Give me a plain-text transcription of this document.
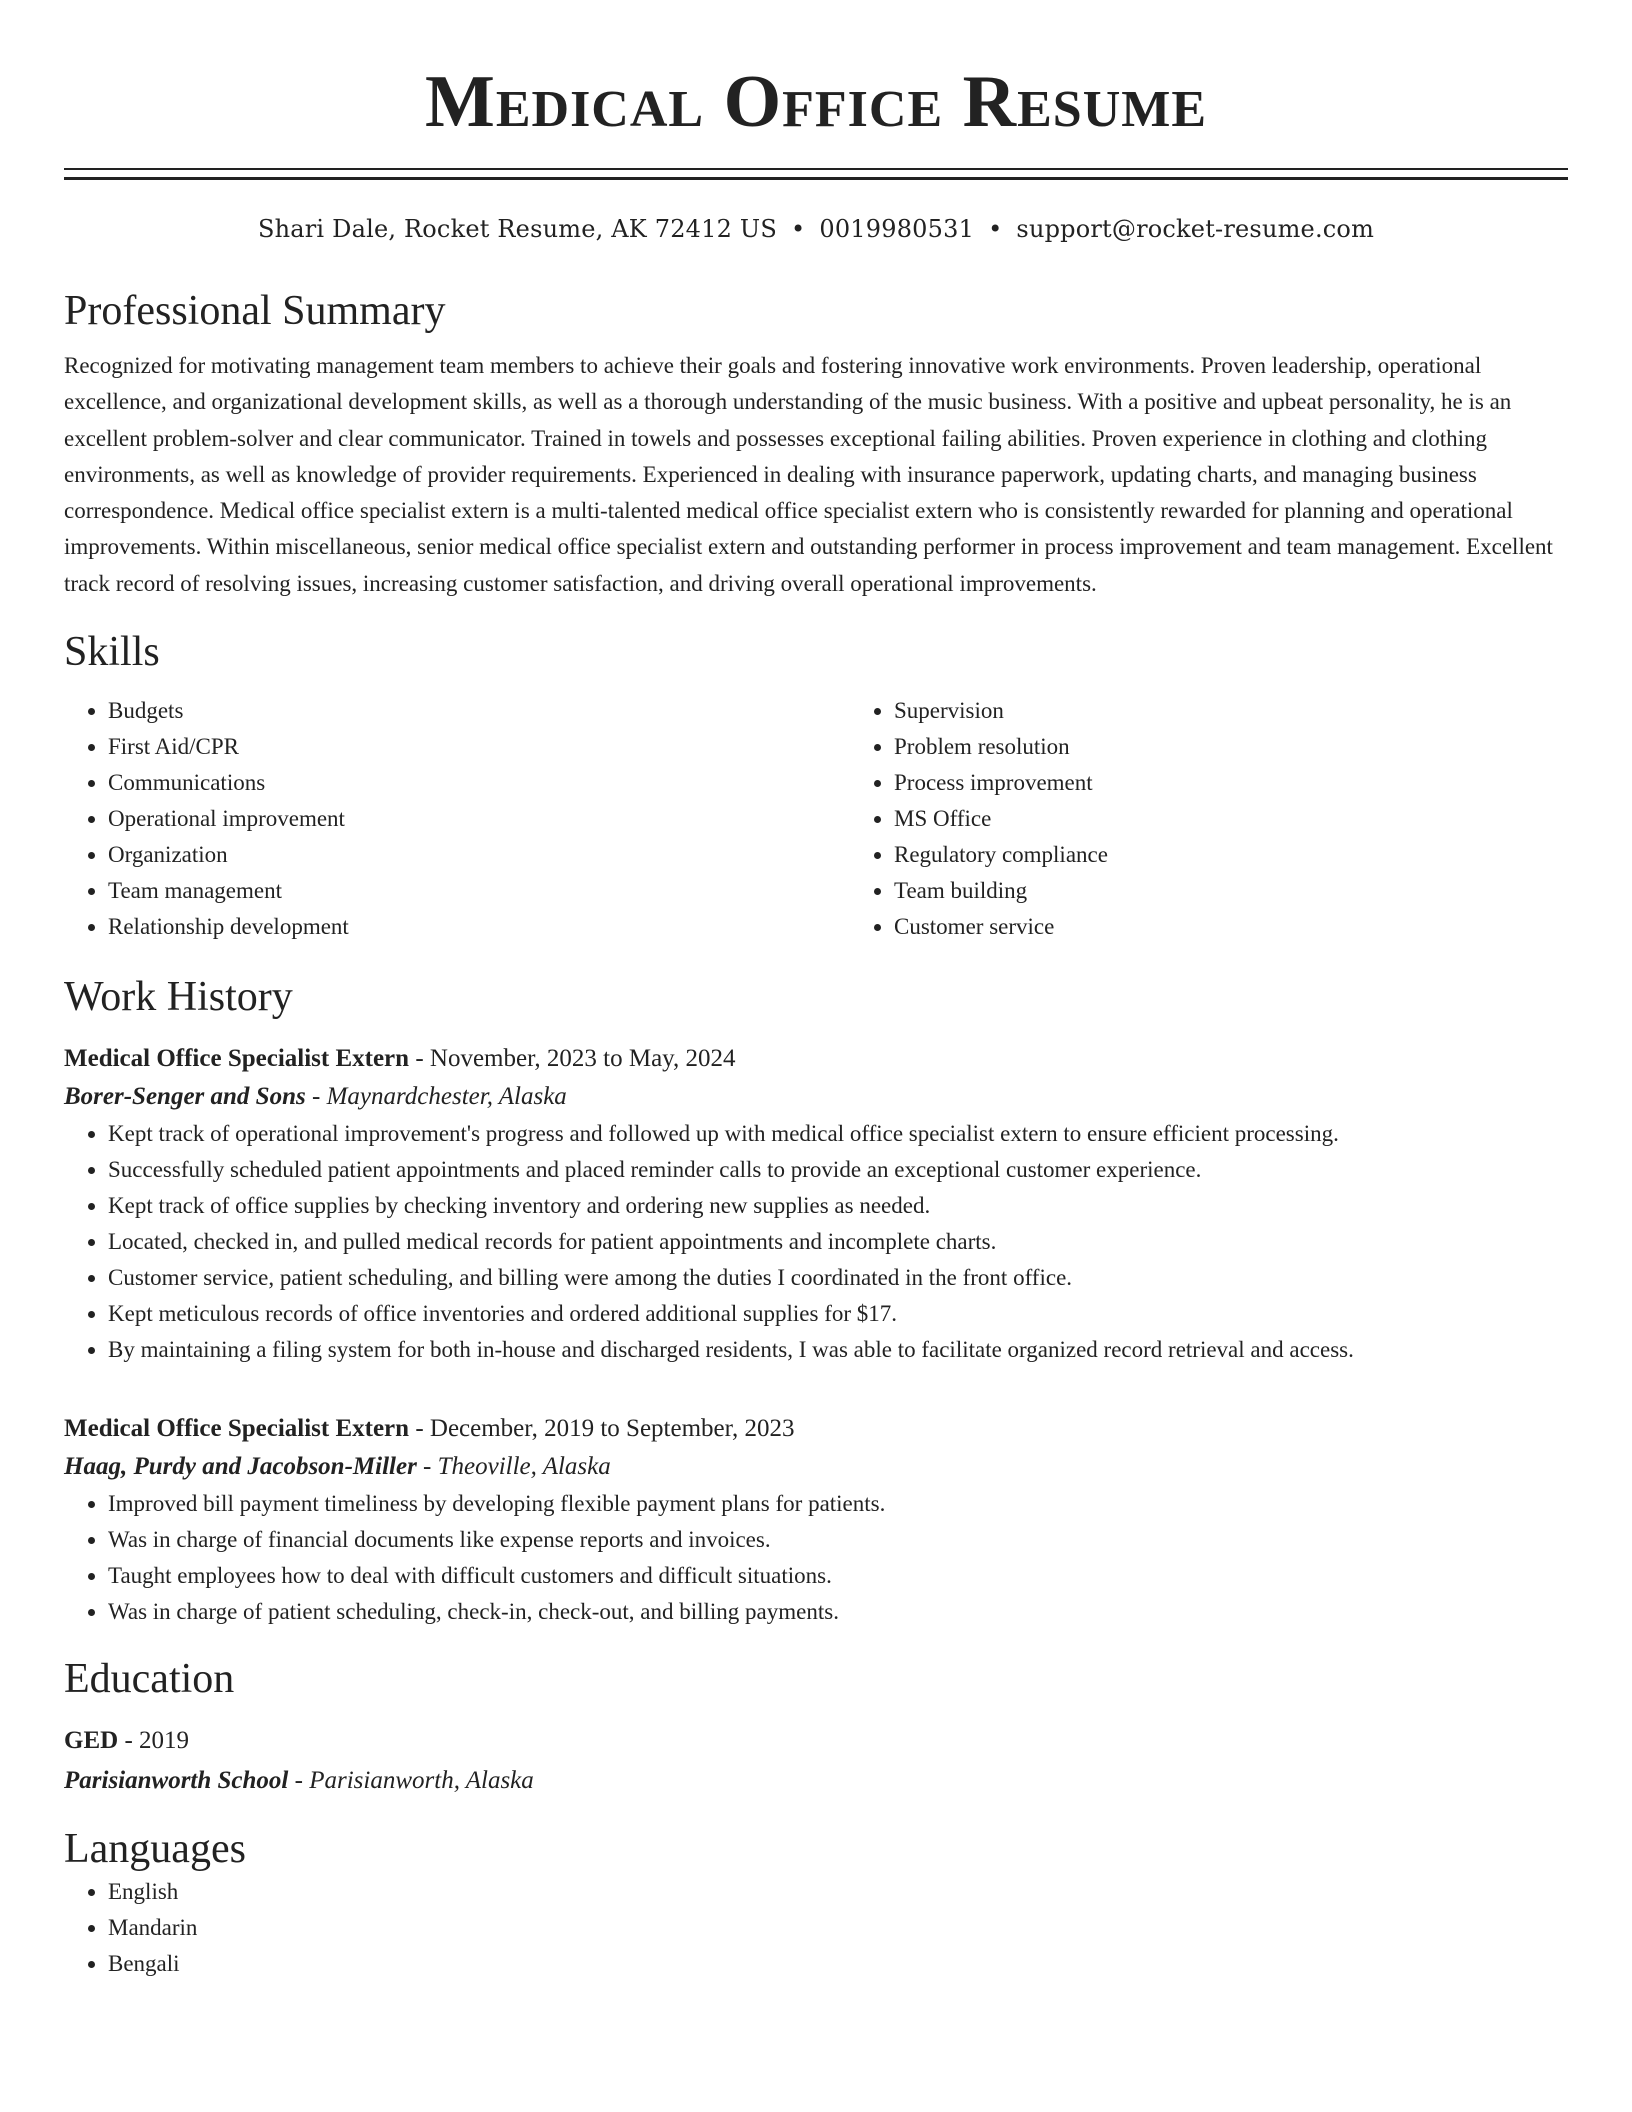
Medical Office Resume
Shari Dale, Rocket Resume, AK 72412 US • 0019980531 • support@rocket-resume.com
Professional Summary

Recognized for motivating management team members to achieve their goals and fostering innovative work environments. Proven leadership, operational excellence, and organizational development skills, as well as a thorough understanding of the music business. With a positive and upbeat personality, he is an excellent problem-solver and clear communicator. Trained in towels and possesses exceptional failing abilities. Proven experience in clothing and clothing environments, as well as knowledge of provider requirements. Experienced in dealing with insurance paperwork, updating charts, and managing business correspondence. Medical office specialist extern is a multi-talented medical office specialist extern who is consistently rewarded for planning and operational improvements. Within miscellaneous, senior medical office specialist extern and outstanding performer in process improvement and team management. Excellent track record of resolving issues, increasing customer satisfaction, and driving overall operational improvements.

Skills
• Budgets
• First Aid/CPR
• Communications
• Operational improvement
• Organization
• Team management
• Relationship development
• Supervision
• Problem resolution
• Process improvement
• MS Office
• Regulatory compliance
• Team building
• Customer service
Work History
Medical Office Specialist Extern - November, 2023 to May, 2024
Borer-Senger and Sons - Maynardchester, Alaska
• Kept track of operational improvement's progress and followed up with medical office specialist extern to ensure efficient processing.
• Successfully scheduled patient appointments and placed reminder calls to provide an exceptional customer experience.
• Kept track of office supplies by checking inventory and ordering new supplies as needed.
• Located, checked in, and pulled medical records for patient appointments and incomplete charts.
• Customer service, patient scheduling, and billing were among the duties I coordinated in the front office.
• Kept meticulous records of office inventories and ordered additional supplies for $17.
• By maintaining a filing system for both in-house and discharged residents, I was able to facilitate organized record retrieval and access.
Medical Office Specialist Extern - December, 2019 to September, 2023
Haag, Purdy and Jacobson-Miller - Theoville, Alaska
• Improved bill payment timeliness by developing flexible payment plans for patients.
• Was in charge of financial documents like expense reports and invoices.
• Taught employees how to deal with difficult customers and difficult situations.
• Was in charge of patient scheduling, check-in, check-out, and billing payments.
Education
GED - 2019
Parisianworth School - Parisianworth, Alaska
Languages
• English
• Mandarin
• Bengali
